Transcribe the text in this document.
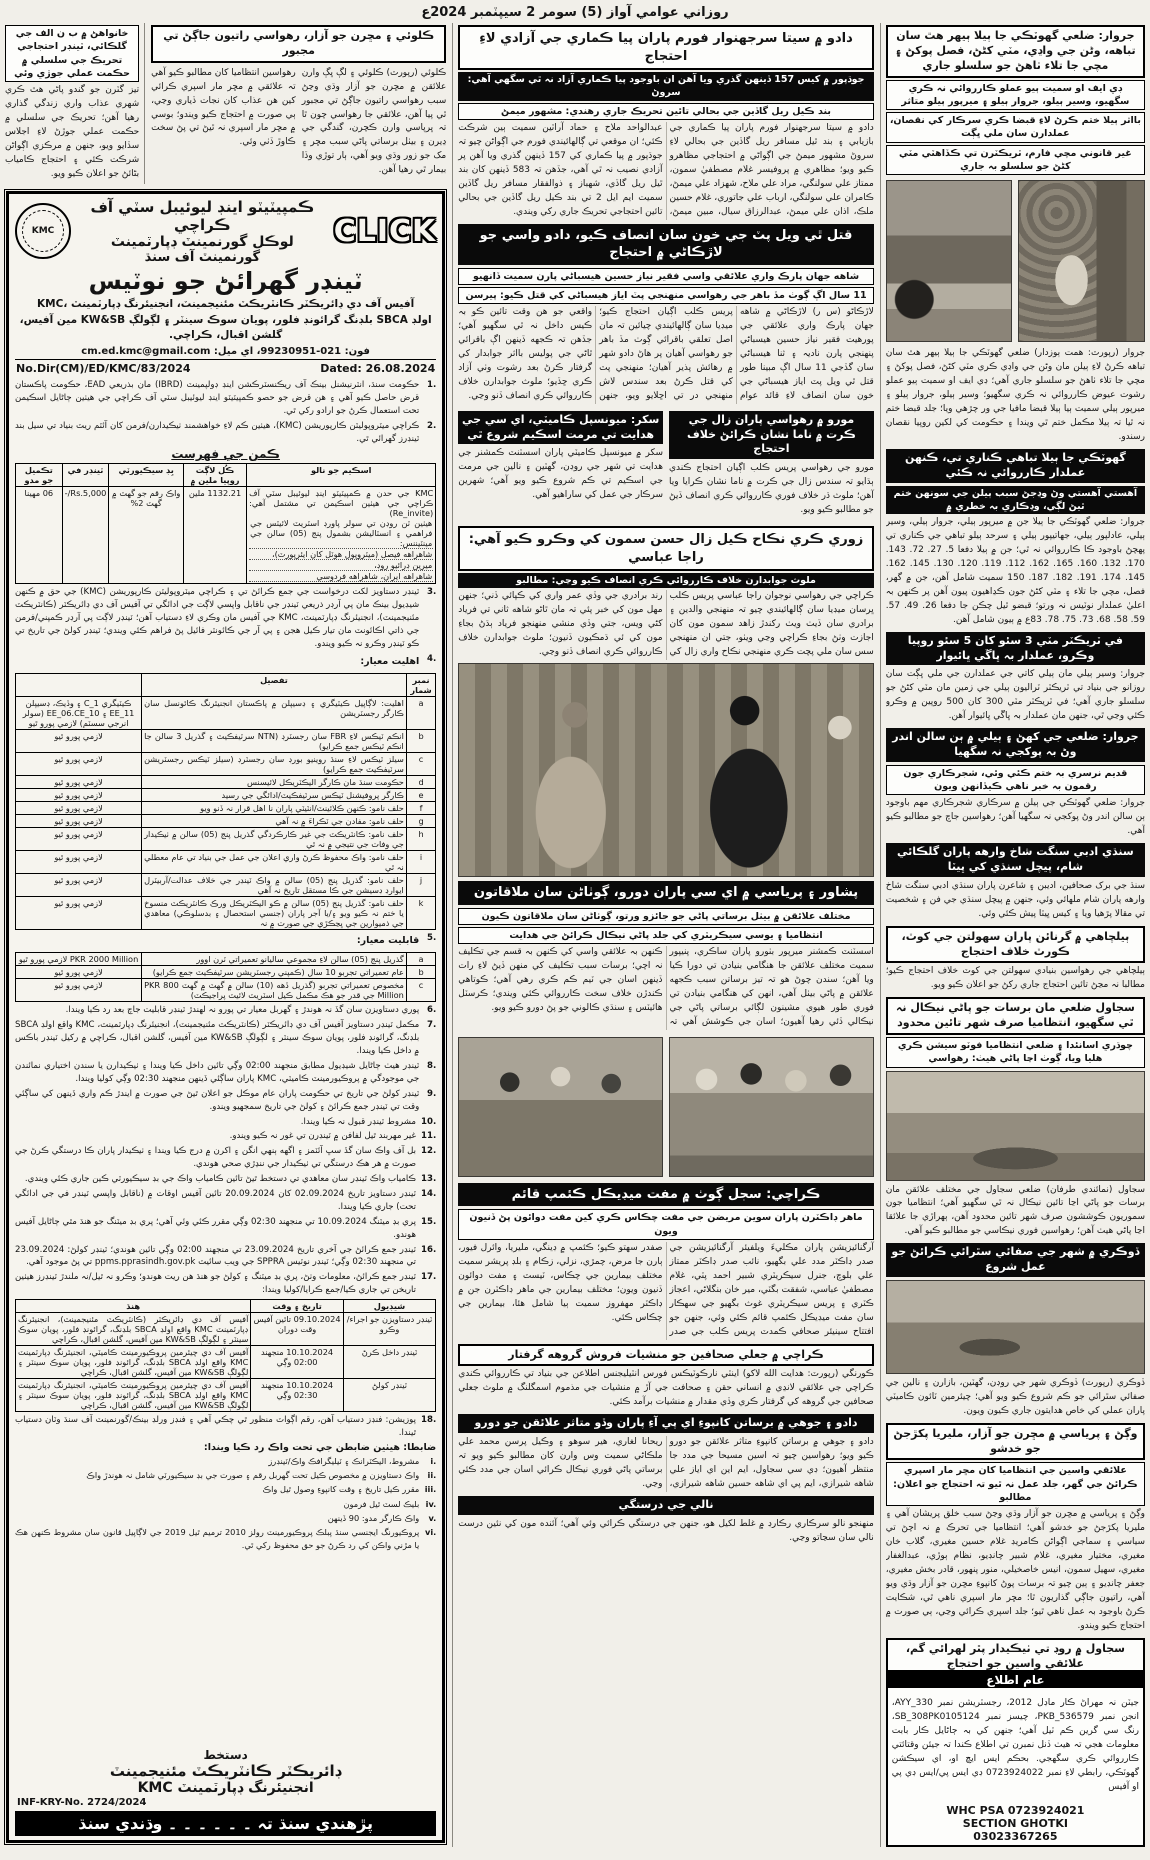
روزاني عوامي آواز (5) سومر 2 سيپٽمبر 2024ع
جروار: ضلعي گھوٽڪي جا ٻيلا ٻيهر هٿ سان تباهه، وڻن جي واڍي، مٽي کڻڻ، فصل پوکڻ ۽ مچي جا تلاء ٺاهڻ جو سلسلو جاري
ڊي ايف او سميت ٻيو عملو ڪارروائي نہ ڪري سگهيو، وسير ٻيلو، جروار ٻيلو ۽ ميرپور ٻيلو متاثر
بااثر ٻيلا ختم ڪرڻ لاءِ قبضا ڪري سرڪار کي نقصان، عملدارن سان ملي ڀڳت
غير قانوني مچي فارم، ٽريڪٽرن تي ڪڏاهٽي مٽي کڻڻ جو سلسلو بہ جاري

جروار (رپورٽ: همت ٻوزدار) ضلعي گھوٽڪي جا ٻيلا ٻيهر هٿ سان تباهه ڪرڻ لاءِ ٻيلن مان وڻن جي واڍي ڪري مٽي کڻڻ، فصل پوکڻ ۽ مچي جا تلاء ٺاهڻ جو سلسلو جاري آهي؛ ڊي ايف او سميت ٻيو عملو رشوت عيوض ڪارروائي نہ ڪري سگهيو؛ وسير ٻيلو، جروار ٻيلو ۽ ميرپور ٻيلي سميت ٻيا ٻيلا قبضا مافيا جي ور چڙهي ويا؛ جلد قبضا ختم نہ ٿيا تہ ٻيلا مڪمل ختم ٿي ويندا ۽ حڪومت کي لکين روپيا نقصان رسندو.

گھوٽڪي جا ٻيلا تباهي ڪناري تي، ڪنهن عملدار ڪارروائي نہ ڪئي
آهستي آهستي وڻ وڍجڻ سبب ٻيلن جي سونهن ختم ٿيڻ لڳي، وڍڪاري بہ خطري ۾

جروار: ضلعي گھوٽڪي جا ٻيلا جن ۾ ميرپور ٻيلي، جروار ٻيلي، وسير ٻيلي، عادلپور ٻيلي، جهاتيپور ٻيلي ۽ سرحد ٻيلو تباهي جي ڪناري تي پهچڻ باوجود ڪا ڪارروائي نہ ٿي؛ جن ۾ ٻيلا دفعا 5. 27. 72. 143. 170. 132. 160. 165. 162. 112. 119. 120. 130. 145. 162. 145. 174. 191. 182. 187. 150 سميت شامل آهن، جن ۾ گهر، فصل، مچي جا تلاء ۽ مٽي کڻڻ جون ڪڍاهيون پيون آهن پر ڪنهن بہ اعليٰ عملدار نوٽيس نہ ورتو؛ قبضو ٿيل چڪن جا دفعا 26. 49. 57. 59. 58. 68. 73. 75. 78. 83ع ۾ ٻيون شامل آهن.

في ٽريڪٽر مٽي 3 سئو کان 5 سئو روپيا وڪرو، عملدار بہ ڀاڱي ڀائيوار

جروار: وسير ٻيلي مان ٻيلي کاتي جي عملدارن جي ملي ڀڳت سان روزانو جي بنياد تي ٽريڪٽر ٽراليون ٻيلي جي زمين مان مٽي کڻڻ جو سلسلو جاري آهي؛ في ٽريڪٽر مٽي 300 کان 500 روپين ۾ وڪرو ڪئي وڃي ٿي، جنهن مان عملدار بہ ڀاڱي ڀائيوار آهن.

جروار: ضلعي جي کهڻ ۽ ٻيلي ۾ ٻن سالن اندر وڻ بہ پوکجي نہ سگهيا
قديم نرسري بہ ختم ڪئي وئي، شجرڪاري جون رقمون بہ خبر ناهي ڪيڏانهن ويون

جروار: ضلعي گھوٽڪي جي ٻيلن ۾ سرڪاري شجرڪاري مهم باوجود ٻن سالن اندر وڻ پوکجي نہ سگهيا آهن؛ رهواسين جاچ جو مطالبو ڪيو آهي.

سنڌي ادبي سنگت شاخ وارهه پاران گلڪائي شام، پيچل سنڌي کي ڀيٽا

سنڌ جي برک صحافين، اديبن ۽ شاعرن پاران سنڌي ادبي سنگت شاخ وارهه پاران شام ملهائي وئي، جنهن ۾ پيچل سنڌي جي فن ۽ شخصيت تي مقالا پڙهيا ويا ۽ کيس ڀيٽا پيش ڪئي وئي.

ٻيلچاهي ۾ گرنائن پاران سهولتن جي کوٽ، ڪورٽ خلاف احتجاج

ٻيلچاهي جي رهواسين بنيادي سهولتن جي کوٽ خلاف احتجاج ڪيو؛ مطالبا نہ مڃڻ تائين احتجاج جاري رکڻ جو اعلان ڪيو ويو.

سجاول ضلعي مان برسات جو پاڻي نيڪال نہ ٿي سگهيو، انتظاميا صرف شهر تائين محدود
چوڌري اسانئدا ۽ ضلعي انتظاميا فوٽو سيشن ڪري هليا ويا، ڳوٺ اڃا پاڻي هيٺ: رهواسي

سجاول (نمائندي طرفان) ضلعي سجاول جي مختلف علائقن مان برسات جو پاڻي اڃا تائين نيڪال نہ ٿي سگهيو آهي؛ انتظاميا جون سموريون ڪوششون صرف شهر تائين محدود آهن، ٻهراڙي جا علائقا اڃا پاڻي هيٺ آهن؛ رهواسين فوري نيڪاسي جو مطالبو ڪيو آهي.

ڏوڪري ۾ شهر جي صفائي سٿرائي ڪرائڻ جو عمل شروع

ڏوڪري (رپورٽ) ڏوڪري شهر جي روڊن، گهٽين، بازارن ۽ نالين جي صفائي سٿرائي جو ڪم شروع ڪيو ويو آهي؛ چيئرمين ٽائون ڪاميٽي پاران عملي کي خاص هدايتون جاري ڪيون ويون.

وڳڻ ۽ پرياسي ۾ مڇرن جو آزار، مليريا پکڙجڻ جو خدشو
علائقي واسين جي انتظاميا کان مڇر مار اسپري ڪرائڻ جي گهر، جلد عمل نہ ٿيو تہ احتجاج جو اعلان: مطالبو

وڳڻ ۽ پرياسي ۾ مڇرن جو آزار وڌي وڃڻ سبب خلق پريشان آهي ۽ مليريا پکڙجڻ جو خدشو آهي؛ انتظاميا جي تحرڪ ۾ نہ اچڻ تي سياسي ۽ سماجي اڳواڻن ڪامريڊ غلام حسين مغيري، گلاب خان مغيري، مختيار مغيري، غلام شبير چانڊيو، نظام ٻوڙي، عبدالغفار مغيري، سهيل سمون، انيس خاصخيلي، منور پنهور، قادر بخش مغيري، جعفر چانڊيو ۽ ٻين چيو تہ برسات پوڻ کانپوءِ مڇرن جو آزار وڌي ويو آهي، راتيون جاڳي گذاريون ٿا؛ مڇر مار اسپري ناهي ٿي، شڪايت ڪرڻ باوجود بہ عمل ناهي ٿيو؛ جلد اسپري ڪرائي وڃي، ٻي صورت ۾ احتجاج ڪيو ويندو.

سجاول ۾ روڊ تي ٺيڪيدار پٿر لهرائي گم، علائقي واسين جو احتجاج

عام اطلاع

جيٽن نہ مهراڻ ڪار ماڊل 2012، رجسٽريشن نمبر AYY_330، انجن نمبر PKB_536579، چيسز نمبر SB_308PK0105124، رنگ سي گرين ڪم ٽيل آهي؛ جنهن کي بہ ڄاڻايل ڪار بابت معلومات هجي تہ هيٺ ڏنل نمبرن تي اطلاع ڪندا تہ جيئن وقتائتي ڪارروائي ڪري سگهجي. بحڪم ايس ايڇ او، اي سيڪشن گھوٽڪي، رابطي لاءِ نمبر 0723924022 ڊي ايس پي/ايس ڊي پي او آفيس

WHC PSA 0723924021
SECTION GHOTKI
03023367265
دادو ۾ سيتا سرجهنوار فورم پاران پيا ڪماري جي آزادي لاءِ احتجاج
جوڌپور ۾ کيس 157 ڏينهن گذري ويا آهن ان باوجود پيا ڪماري آزاد نہ ٿي سگهي آهي: سروڻ
بند ڪيل ريل گاڏين جي بحالي تائين تحريڪ جاري رهندي: مشهور ميمڻ

دادو ۾ سيتا سرجهنوار فورم پاران پيا ڪماري جي بازيابي ۽ بند ٿيل مسافر ريل گاڏين جي بحالي لاءِ سروڻ مشهور ميمڻ جي اڳواڻي ۾ احتجاجي مظاهرو ڪيو ويو؛ مظاهري ۾ پروفيسر غلام مصطفيٰ سمون، ممتاز علي سولنگي، مراد علي ملاح، شهزاد علي ميمڻ، ڪامران علي سولنگي، ارباب علي جاتوري، غلام حسين ملڪ، اذان علي ميمڻ، عبدالرزاق سيال، مبين ميمڻ، عبدالواحد ملاح ۽ حماد آراٽين سميت ٻين شرڪت ڪئي؛ ان موقعي تي ڳالهائيندي فورم جي اڳواڻن چيو تہ جوڌپور ۾ پيا ڪماري کي 157 ڏينهن گذري ويا آهن پر آزادي نصيب نہ ٿي آهي، جڏهن تہ 583 ڏينهن کان بند ٿيل ريل گاڏي، شهباز ۽ ذوالفقار مسافر ريل گاڏين سميت ايم ايل 2 تي بند ڪيل ريل گاڏين جي بحالي تائين احتجاجي تحريڪ جاري رکي ويندي.

قتل ٿي ويل پٽ جي خون سان انصاف ڪيو، دادو واسي جو لاڙڪاڻي ۾ احتجاج
شاهه جهان پارڪ واري علائقي واسي فقير نياز حسين هيسباڻي پارن سميت ڏانهيو
11 سال اڳ ڳوٺ مڏ باهر جي رهواسي منهنجي پٽ اياز هيسباڻي کي قتل ڪيو: پيرسن

لاڙڪاڻو (س ر) لاڙڪاڻي ۾ شاهه جهان پارڪ واري علائقي جي پورهيت فقير نياز حسين هيسباڻي پنهنجي پارن ناديہ ۽ ثنا هيسباڻي سان گڏجي 11 سال اڳ مبينا طور قتل ٿي ويل پٽ اياز هيسباڻي جي خون سان انصاف لاءِ قائد عوام پريس ڪلب اڳيان احتجاج ڪيو؛ ميڊيا سان ڳالهائيندي چيائين تہ مان اصل تعلقي باقرائي ڳوٺ مڏ باهر جو رهواسي آهيان پر هاڻ دادو شهر ۾ رهائش پذير آهيان؛ منهنجي پٽ کي قتل ڪرڻ بعد سندس لاش منهنجي در تي اڇلايو ويو، جنهن واقعي جو هن وقت تائين ڪو بہ ڪيس داخل نہ ٿي سگهيو آهي؛ جڏهن تہ ڪجهه ڏينهن اڳ باقرائي ٿاڻي جي پوليس بااثر جوابدار کي گرفتار ڪرڻ بعد رشوت وٺي آزاد ڪري ڇڏيو؛ ملوث جوابدارن خلاف ڪارروائي ڪري انصاف ڏنو وڃي.

مورو ۾ رهواسي پاران زال جي ڪرت ۾ ناما نشان ڪرائڻ خلاف احتجاج

مورو جي رهواسي پريس ڪلب اڳيان احتجاج ڪندي ٻڌايو تہ سندس زال جي ڪرت ۾ ناما نشان ڪرايا ويا آهن؛ ملوث ڌر خلاف فوري ڪارروائي ڪري انصاف ڏيڻ جو مطالبو ڪيو ويو.

سکر: ميونسپل ڪاميٽي، اي سي جي هدايت تي مرمت اسڪيم شروع ٿي

سکر ۾ ميونسپل ڪاميٽي پاران اسسٽنٽ ڪمشنر جي هدايت تي شهر جي روڊن، گهٽين ۽ نالين جي مرمت جي اسڪيم تي ڪم شروع ڪيو ويو آهي؛ شهرين سرڪار جي عمل کي ساراهيو آهي.

زوري ڪري نڪاح ڪيل زال حسن سمون کي وڪرو ڪيو آهي: راجا عباسي
ملوث جوابدارن خلاف ڪارروائي ڪري انصاف ڪيو وڃي: مطالبو

ڪراچي جي رهواسي نوجوان راجا عباسي پريس ڪلب ڀرسان ميڊيا سان ڳالهائيندي چيو تہ منهنجي والدين ۽ برادري سان ڏيٺ ويٺ رکندڙ زاهد سمون مون کان اجازت وٺڻ بجاءِ ڪراچي وڃي ويٺو، جتي ان منهنجي سس سان ملي پچت ڪري منهنجي نڪاح واري زال کي رند برادري جي وڏي عمر واري کي ڪپائي ڏني؛ جنهن مهل مون کي خبر پئي تہ مان ٿاڻو شاهه ثاني تي فرياد کڻي ويس، جتي وڏي منشي منهنجو فرياد ٻڌڻ بجاءِ مون کي ئي ڌمڪيون ڏنيون؛ ملوث جوابدارن خلاف ڪارروائي ڪري انصاف ڏنو وڃي.

پشاور ۽ پرياسي ۾ اي سي پاران دورو، ڳوٺاڻن سان ملاقاتون
مختلف علائقن ۾ بيٺل برساتي پاڻي جو جائزو ورتو، ڳوٺاڻن سان ملاقاتون ڪيون
انتظاميا ۽ يوسي سيڪريٽري کي جلد پاڻي نيڪال ڪرائڻ جي هدايت

اسسٽنٽ ڪمشنر ميرپور بٺورو پاران ساڪري، پنيپور سميت مختلف علائقن جا هنگامي بنيادن تي دورا ڪيا ويا آهن؛ سندن چوڻ هو تہ تيز برساتن سبب ڪجهه علائقن ۾ پاڻي بيٺل آهي، انهن کي هنگامي بنيادن تي فوري طور هيوي مشينون لڳائي برساتي پاڻي جي نيڪالي ڏئي رهيا آهيون؛ اسان جي ڪوشش آهي تہ ڪنهن بہ علائقي واسي کي ڪنهن بہ قسم جي تڪليف نہ اچي؛ برسات سبب تڪليف کي منهن ڏيڻ لاءِ رات ڏينهن اسان جي ٽيم ڪم ڪري رهي آهي؛ ڪوتاهي ڪندڙن خلاف سخت ڪارروائي ڪئي ويندي؛ ڪرسٽل هائيٽس ۽ سنڌي ڪالوني جو پڻ دورو ڪيو ويو.

ڪراچي: سجل ڳوٺ ۾ مفت ميڊيڪل ڪئمپ قائم
ماهر ڊاڪٽرن پاران سوين مريضن جي مفت چڪاس ڪري کين مفت دوائون پڻ ڏنيون ويون

آرگنائيزيشن پاران مڪليءَ ويلفيئر آرگنائيزيشن جي صدر ڊاڪٽر مدد علي بگهيو، نائب صدر ڊاڪٽر ممتاز علي بلوچ، جنرل سيڪريٽري شبير احمد پٽي، غلام مصطفيٰ عباسي، شفقت بگٽي، مير خان بنگلاڻي، اعجاز ڪٽري ۽ پريس سيڪريٽري غوث بگهيو جي سهڪار سان مفت ميڊيڪل ڪئمپ قائم ڪئي وئي، جنهن جو افتتاح سينيئر صحافي ڪمدٽ پريس ڪلب جي صدر صفدر سهتو ڪيو؛ ڪئمپ ۾ ڊينگي، مليريا، وائرل فيور، ٻارن جا مرض، چمڙي، نزلي، زڪام ۽ بلڊ پريشر سميت مختلف بيمارين جي چڪاس، ٽيسٽ ۽ مفت دوائون ڏنيون ويون؛ مختلف بيمارين جي ماهر ڊاڪٽرن جن ۾ ڊاڪٽر مهفروز سميت ٻيا شامل هئا، بيمارين جي چڪاس ڪئي.

ڪراچي ۾ جعلي صحافين جو منشيات فروش گروهه گرفتار

ڪورنگي (رپورٽ: هدايت الله لاکو) اينٽي نارڪوٽيڪس فورس انٽيليجنس اطلاعن جي بنياد تي ڪارروائي ڪندي ڪراچي جي علائقي لانڍي ۾ انساني حقن ۽ صحافت جي آڙ ۾ منشيات جي مذموم اسمگلنگ ۾ ملوث جعلي صحافين جي گروهه کي گرفتار ڪري وڏي مقدار ۾ منشيات برآمد ڪئي.

دادو ۽ جوهي ۾ برساتن کانپوءِ اي پي آءِ پاران وڏو متاثر علائقن جو دورو

دادو ۽ جوهي ۾ برساتن کانپوءِ متاثر علائقن جو دورو ڪيو ويو؛ رهواسين چيو تہ اسين مسيحا جي مدد جا منتظر آهيون؛ ڊي سي سجاول، ايم اين اي اياز علي شاهه شيرازي، ايم پي اي شاهه حسين شاهه شيرازي، ريحانا لغاري، هير سوهو ۽ وڪيل پرسن محمد علي ملڪاڻي سميت وس وارن کان مطالبو ڪيو ويو تہ برساتي پاڻي فوري نيڪال ڪرائي اسان جي مدد ڪئي وڃي.

نالي جي درستگي

منهنجو نالو سرڪاري رڪارڊ ۾ غلط لکيل هو، جنهن جي درستگي ڪرائي وئي آهي؛ آئنده مون کي نئين درست نالي سان سڃاتو وڃي.

ڪلوئي ۽ مڇرن جو آزار، رهواسي راتيون جاڳڻ تي مجبور

ڪلوئي (رپورٽ) ڪلوئي ۽ لڳ ڀڳ وارن علائقن ۾ مڇرن جو آزار وڌي وڃڻ سبب رهواسي راتيون جاڳڻ تي مجبور ٿي پيا آهن، علائقي جا رهواسي چون ٿا تہ ڀرپاسي وارن ڪچرن، گندگي جي ڍيرن ۽ بيٺل برساتي پاڻي سبب مڇر ۽ مک جو زور وڌي ويو آهي، ٻار توڙي وڏا بيمار ٿي رهيا آهن.

رهواسين انتظاميا کان مطالبو ڪيو آهي تہ علائقي ۾ مڇر مار اسپري ڪرائي کين هن عذاب کان نجات ڏياري وڃي، ٻي صورت ۾ احتجاج ڪيو ويندو؛ بوسي ۾ مڇر مار اسپري نہ ٿيڻ تي پڻ سخت ڪاوڙ ڏٺي وئي.

خانواهڻ ۾ ب ن الف جي گلڪائي، ٽينڊر احتجاجي
تحريڪ جي سلسلي ۾ حڪمت عملي جوڙي وئي

تيز گٽرن جو گندو پاڻي هٿ ڪري شهري عذاب واري زندگي گذاري رهيا آهن؛ تحريڪ جي سلسلي ۾ حڪمت عملي جوڙڻ لاءِ اجلاس سڏايو ويو، جنهن ۾ مرڪزي اڳواڻن شرڪت ڪئي ۽ احتجاج ڪامياب بڻائڻ جو اعلان ڪيو ويو.

CLICK
ڪمپيٽيٽو اينڊ ليوئيبل سٽي آف ڪراچي
لوڪل گورنمينٽ ڊپارٽمينٽ
گورنمينٽ آف سنڌ
KMC
ٽينڊر گهرائڻ جو نوٽيس
آفيس آف دي ڊائريڪٽر ڪانٽريڪٽ مئنيجمينٽ، انجنيئرنگ ڊپارٽمينٽ ،KMC
اولڊ SBCA بلڊنگ گرائونڊ فلور، پويان سوڪ سينٽر ۽ لڳولڳ KW&SB مين آفيس،
گلشن اقبال، ڪراچي.
فون: 021-99230951، اي ميل: cm.ed.kmc@gmail.com
No.Dir(CM)/ED/KMC/83/2024	Dated: 26.08.2024
1.
حڪومت سنڌ، انٽرنيشنل بينڪ آف ريڪنسٽرڪشن اينڊ ڊولپمينٽ (IBRD) مان بذريعي EAD، حڪومت پاڪستان قرض حاصل ڪيو آهي ۽ هن قرض جو حصو ڪمپيٽيٽو اينڊ ليوئيبل سٽي آف ڪراچي جي هيٺين ڄاڻايل اسڪيمن تحت استعمال ڪرڻ جو ارادو رکي ٿي.
2.
ڪراچي ميٽروپوليٽن ڪارپوريشن (KMC)، هيٺين ڪم لاءِ خواهشمند ٺيڪيدارن/فرمن کان آئٽم ريٽ بنياد تي سيل بند ٽينڊرز گهرائي ٿي.
ڪمن جي فهرست
اسڪيم جو نالو	ڪُل لاڳت روپيا ملين ۾	بِڊ سيڪيورٽي	ٽينڊر في	تڪميل جو مدو

KMC جي حدن ۾ ڪمپيٽيٽو اينڊ ليوئيبل سٽي آف ڪراچي جي هيٺين اسڪيمن تي مشتمل آهي: (Re_invite)
هيٺين ٽن روڊن تي سولر پاورڊ اسٽريٽ لائيٽس جي فراهمي ۽ انسٽاليشن بشمول پنج (05) سالن جي مينٽيننس:
شاهراهه فيصل (ميٽروپول هوٽل کان ايئرپورٽ)،
ميرين ڊرائيو روڊ،
شاهراهه ايران، شاهراهه فردوسي	1132.21 ملين	واڪ رقم جو گهٽ ۾ گهٽ 2%	Rs.5,000/-	06 مهينا
3.
ٽينڊر دستاويز لکت درخواست جي جمع ڪرائڻ تي ۽ ڪراچي ميٽروپوليٽن ڪارپوريشن (KMC) جي حق ۾ ڪنهن شيڊيول بينڪ مان پي آرڊر ذريعي ٽينڊر جي ناقابل واپسي لاڳت جي ادائگي تي آفيس آف دي ڊائريڪٽر (ڪانٽريڪٽ مئنيجمينٽ)، انجنيئرنگ ڊپارٽمينٽ، KMC جي آفيس مان وڪري لاءِ دستياب آهن؛ ٽينڊر لاڳت پي آرڊر ڪمپني/فرمن جي ذاتي اڪائونٽ مان تيار ڪيل هجن ۽ پي آر جي ڪائونٽر فائيل پڻ فراهم ڪئي ويندي؛ ٽينڊر کولڻ جي تاريخ تي ڪو ٽينڊر وڪرو نہ ڪيو ويندو.
4.
اهليت معيار:
نمبر شمار	تفصيل	
a	اهليت: لاڳاپيل ڪيٽيگري ۽ ڊسيپلن ۾ پاڪستان انجنيئرنگ ڪائونسل سان ڪارگر رجسٽريشن	ڪيٽيگري C_1 ۽ وڏيڪ، ڊسيپلن EE_11 ۽ EE_06.CE_10 (سولر انرجي سسٽم) لازمي پورو ٿيو
b	انڪم ٽيڪس لاءِ FBR سان رجسٽرڊ (NTN سرٽيفڪيٽ ۽ گذريل 3 سالن جا انڪم ٽيڪس جمع ڪرايو)	لازمي پورو ٿيو
c	سيلز ٽيڪس لاءِ سنڌ روينيو بورڊ سان رجسٽرڊ (سيلز ٽيڪس رجسٽريشن سرٽيفڪيٽ جمع ڪرايو)	لازمي پورو ٿيو
d	حڪومت سنڌ مان ڪارگر اليڪٽريڪل لائيسنس	لازمي پورو ٿيو
e	ڪارگر پروفيشنل ٽيڪس سرٽيفڪيٽ/ادائگي جي رسيد	لازمي پورو ٿيو
f	حلف نامو: ڪنهن ڪلائينٽ/انٽيٽي پاران نا اهل قرار نہ ڏنو ويو	لازمي پورو ٿيو
g	حلف نامو: مفادن جي ٽڪراءَ ۾ نہ آهي	لازمي پورو ٿيو
h	حلف نامو: ڪانٽريڪٽ جي غير ڪارڪردگي گذريل پنج (05) سالن ۾ ٺيڪيدار جي وفات جي نتيجي ۾ نہ ٿي	لازمي پورو ٿيو
i	حلف نامو: واڪ محفوظ ڪرڻ واري اعلان جي عمل جي بنياد تي عام معطلي نہ ٿي	لازمي پورو ٿيو
j	حلف نامو: گذريل پنج (05) سالن ۾ واڪ ٽينڊر جي خلاف عدالت/آربيٽرل ايوارڊ ڊسيشن جي ڪا مستقل تاريخ نہ آهي	لازمي پورو ٿيو
k	حلف نامو: گذريل پنج (05) سالن ۾ ڪو اليڪٽريڪل ورڪ ڪانٽريڪٽ منسوخ يا ختم نہ ڪيو ويو ۽/يا آجر پاران (جنسي استحصال ۽ بدسلوڪي) معاهدي جي ذميوارين جي ڀڃڪڙي جي صورت ۾ نہ	لازمي پورو ٿيو
5.
قابليت معيار:
a	گذريل پنج (05) سالن لاءِ مجموعي ساليانو تعميراتي ٽرن اوور	PKR 2000 Million لازمي پورو ٿيو
b	عام تعميراتي تجربو 10 سال (ڪمپني رجسٽريشن سرٽيفڪيٽ جمع ڪرايو)	لازمي پورو ٿيو
c	مخصوص تعميراتي تجربو (گذريل ڏهه (10) سالن ۾ گهٽ ۾ گهٽ PKR 800 Million جي قدر جو هڪ مڪمل ڪيل اسٽريٽ لائيٽ پراجيڪٽ)	لازمي پورو ٿيو
6.
پوري دستاويزن سان گڏ نہ هوندڙ ۽ گهربل معيار تي پورو نہ لهندڙ ٽينڊر قابليت جاچ بعد رد ڪيا ويندا.
7.
مڪمل ٽينڊر دستاويز آفيس آف دي ڊائريڪٽر (ڪانٽريڪٽ مئنيجمينٽ)، انجنيئرنگ ڊپارٽمينٽ، KMC واقع اولڊ SBCA بلڊنگ، گرائونڊ فلور، پويان سوڪ سينٽر ۽ لڳولڳ KW&SB مين آفيس، گلشن اقبال، ڪراچي ۾ رکيل ٽينڊر باڪس ۾ داخل ڪيا ويندا.
8.
ٽينڊر هيٺ ڄاڻايل شيڊيول مطابق منجهند 02:00 وڳي تائين داخل ڪيا ويندا ۽ ٺيڪيدارن يا سندن اختياري نمائندن جي موجودگي ۾ پروڪيورمينٽ ڪاميٽي، KMC پاران ساڳئي ڏينهن منجهند 02:30 وڳي کوليا ويندا.
9.
ٽينڊر کولڻ جي تاريخ تي حڪومت پاران عام موڪل جو اعلان ٿيڻ جي صورت ۾ ايندڙ ڪم واري ڏينهن کي ساڳئي وقت تي ٽينڊر جمع ڪرائڻ ۽ کولڻ جي تاريخ سمجهيو ويندو.
10.
مشروط ٽينڊر قبول نہ ڪيا ويندا.
11.
غير مهربند ٿيل لفافن ۾ ٽينڊرن تي غور نہ ڪيو ويندو.
12.
بل آف واڪ سان گڏ سڀ آئٽمز ۽ اگهه ٻنهي انگن ۽ اکرن ۾ درج ڪيا ويندا ۽ ٺيڪيدار پاران ڪا درستگي ڪرڻ جي صورت ۾ هر هڪ درستگي تي ٺيڪيدار جي ننڍڙي صحي هوندي.
13.
ڪامياب واڪ ٽينڊر سان معاهدي تي دستخط ٿيڻ تائين ڪامياب واڪ جي بڊ سيڪيورٽي ڪين جاري ڪئي ويندي.
14.
ٽينڊر دستاويز تاريخ 02.09.2024 کان 20.09.2024 تائين آفيس اوقات ۾ (ناقابل واپسي ٽينڊر في جي ادائگي تحت) جاري ڪيا ويندا.
15.
پري بڊ ميٽنگ 10.09.2024 تي منجهند 02:30 وڳي مقرر ڪئي وئي آهي؛ پري بڊ ميٽنگ جو هنڌ مٿي ڄاڻايل آفيس هوندو.
16.
ٽينڊر جمع ڪرائڻ جي آخري تاريخ 23.09.2024 تي منجهند 02:00 وڳي تائين هوندي؛ ٽينڊر کولڻ: 23.09.2024 تي منجهند 02:30 وڳي؛ ٽينڊر نوٽيس SPPRA جي ويب سائيٽ ppms.pprasindh.gov.pk تي پڻ موجود آهي.
17.
ٽينڊر جمع ڪرائڻ، معلومات وٺڻ، پري بڊ ميٽنگ ۽ کولڻ جو هنڌ هن ريت هوندو؛ وڪرو نہ ٿيل/نہ ملندڙ ٽينڊرز هيٺين تاريخن تي جاري ڪيا/جمع ڪرايا/کوليا ويندا:
شيڊيول	تاريخ ۽ وقت	هنڌ
ٽينڊر دستاويزن جو اجراء/وڪرو	09.10.2024 تائين آفيس وقت دوران	آفيس آف دي ڊائريڪٽر (ڪانٽريڪٽ مئنيجمينٽ)، انجنيئرنگ ڊپارٽمينٽ KMC واقع اولڊ SBCA بلڊنگ، گرائونڊ فلور، پويان سوڪ سينٽر ۽ لڳولڳ KW&SB مين آفيس، گلشن اقبال، ڪراچي
ٽينڊر داخل ڪرڻ	10.10.2024 منجهند 02:00 وڳي	آفيس آف دي چيئرمين پروڪيورمينٽ ڪاميٽي، انجنيئرنگ ڊپارٽمينٽ KMC واقع اولڊ SBCA بلڊنگ، گرائونڊ فلور، پويان سوڪ سينٽر ۽ لڳولڳ KW&SB مين آفيس، گلشن اقبال، ڪراچي
ٽينڊر کولڻ	10.10.2024 منجهند 02:30 وڳي	آفيس آف دي چيئرمين پروڪيورمينٽ ڪاميٽي، انجنيئرنگ ڊپارٽمينٽ KMC واقع اولڊ SBCA بلڊنگ، گرائونڊ فلور، پويان سوڪ سينٽر ۽ لڳولڳ KW&SB مين آفيس، گلشن اقبال، ڪراچي
18.
پوزيشن: فنڊز دستياب آهن، رقم اڳواٽ منظور ٿي چڪي آهي ۽ فنڊز ورلڊ بينڪ/گورنمينٽ آف سنڌ وٽان دستياب ٿيندا.
ضابطا: هيٺين ضابطن جي تحت واڪ رد ڪيا ويندا:
i.
مشروط، اليڪٽرانڪ ۽ ٽيليگرافڪ واڪ/ٽينڊرز
ii.
واڪ دستاويزن ۾ مخصوص ڪيل تحت گهربل رقم ۽ صورت جي بڊ سيڪيورٽي شامل نہ هوندڙ واڪ
iii.
مقرر ڪيل تاريخ ۽ وقت کانپوءِ وصول ٿيل واڪ
iv.
بليڪ لسٽ ٿيل فرمون
v.
واڪ ڪارگر مدو: 90 ڏينهن
vi.
پروڪيورنگ ايجنسي سنڌ پبلڪ پروڪيورمينٽ رولز 2010 ترميم ٿيل 2019 جي لاڳاپيل قانون سان مشروط ڪنهن هڪ يا مڙني واڪن کي رد ڪرڻ جو حق محفوظ رکي ٿي.
دستخط
ڊائريڪٽر ڪانٽريڪٽ مئنيجمينٽ
انجنيئرنگ ڊپارٽمينٽ KMC
INF-KRY-No. 2724/2024
پڙهندي سنڌ تہ ۔ ۔ ۔ ۔ ۔ ۔ وڌندي سنڌ
